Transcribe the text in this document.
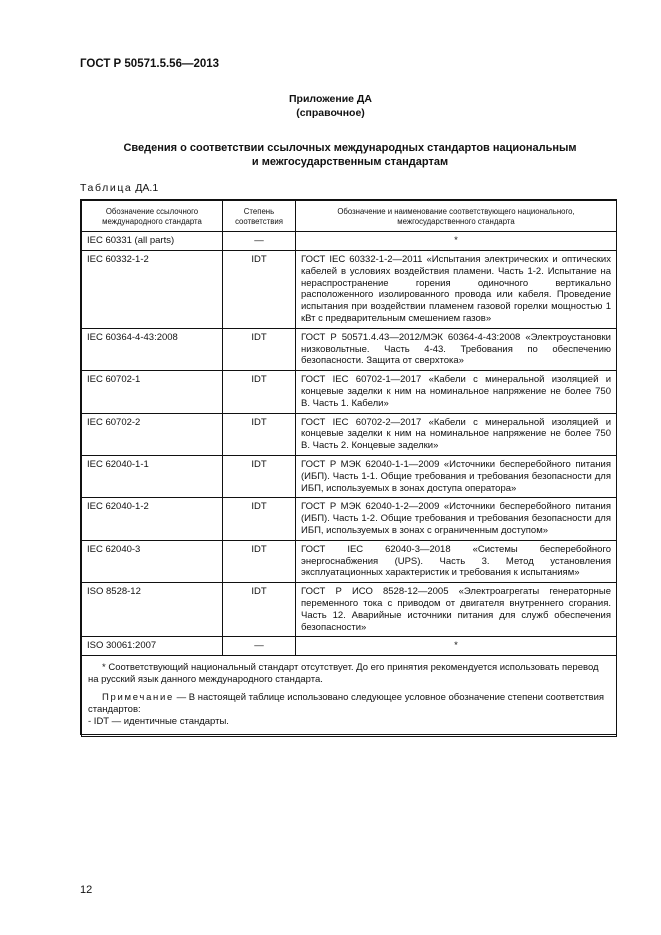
ГОСТ Р 50571.5.56—2013
Приложение ДА
(справочное)
Сведения о соответствии ссылочных международных стандартов национальным
и межгосударственным стандартам
Таблица ДА.1
Обозначение ссылочного международного стандарта	Степень соответствия	Обозначение и наименование соответствующего национального, межгосударственного стандарта
IEC 60331 (all parts)	—	*
IEC 60332-1-2	IDT	ГОСТ IEC 60332-1-2—2011 «Испытания электрических и оптических кабелей в условиях воздействия пламени. Часть 1-2. Испытание на нераспространение горения одиночного вертикально расположенного изолированного провода или кабеля. Проведение испытания при воздействии пламенем газовой горелки мощностью 1 кВт с предварительным смешением газов»
IEC 60364-4-43:2008	IDT	ГОСТ Р 50571.4.43—2012/МЭК 60364-4-43:2008 «Электроустановки низковольтные. Часть 4-43. Требования по обеспечению безопасности. Защита от сверхтока»
IEC 60702-1	IDT	ГОСТ IEC 60702-1—2017 «Кабели с минеральной изоляцией и концевые заделки к ним на номинальное напряжение не более 750 В. Часть 1. Кабели»
IEC 60702-2	IDT	ГОСТ IEC 60702-2—2017 «Кабели с минеральной изоляцией и концевые заделки к ним на номинальное напряжение не более 750 В. Часть 2. Концевые заделки»
IEC 62040-1-1	IDT	ГОСТ Р МЭК 62040-1-1—2009 «Источники бесперебойного питания (ИБП). Часть 1-1. Общие требования и требования безопасности для ИБП, используемых в зонах доступа оператора»
IEC 62040-1-2	IDT	ГОСТ Р МЭК 62040-1-2—2009 «Источники бесперебойного питания (ИБП). Часть 1-2. Общие требования и требования безопасности для ИБП, используемых в зонах с ограниченным доступом»
IEC 62040-3	IDT	ГОСТ IEC 62040-3—2018 «Системы бесперебойного энергоснабжения (UPS). Часть 3. Метод установления эксплуатационных характеристик и требования к испытаниям»
ISO 8528-12	IDT	ГОСТ Р ИСО 8528-12—2005 «Электроагрегаты генераторные переменного тока с приводом от двигателя внутреннего сгорания. Часть 12. Аварийные источники питания для служб обеспечения безопасности»
ISO 30061:2007	—	*

* Соответствующий национальный стандарт отсутствует. До его принятия рекомендуется использовать перевод на русский язык данного международного стандарта.

Примечание — В настоящей таблице использовано следующее условное обозначение степени соответствия стандартов:

- IDT — идентичные стандарты.		

12
